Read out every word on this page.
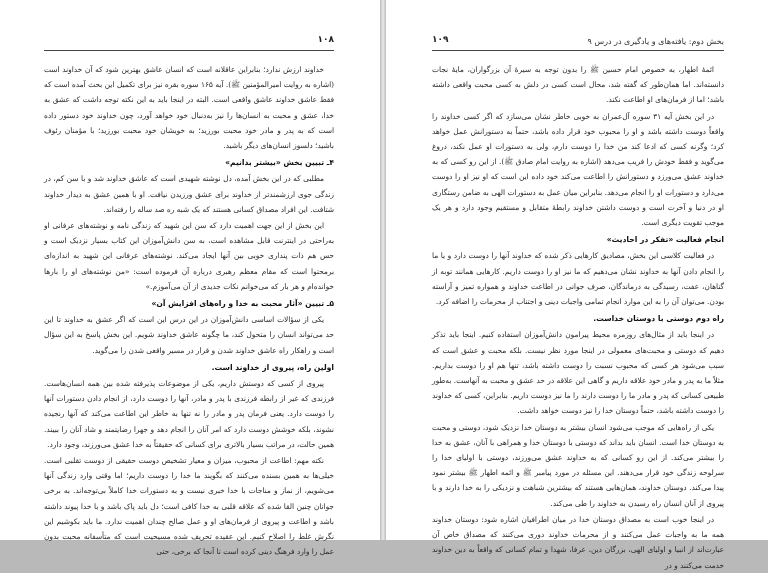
۱۰۸

خداوند ارزش ندارد؛ بنابراین عاقلانه است که انسان عاشق بهترین شود که آن خداوند است (اشاره به روایت امیرالمؤمنین ﷺ). آیه ۱۶۵ سوره بقره نیز برای تکمیل این بحث آمده است که فقط عاشق خداوند عاشق واقعی است. البته در اینجا باید به این نکته توجه داشت که عشق به خدا، عشق و محبت به انسان‌ها را نیز به‌دنبال خود خواهد آورد، چون خداوند خود دستور داده است که به پدر و مادر خود محبت بورزید؛ به خویشان خود محبت بورزید؛ با مؤمنان رئوف باشید؛ دلسوز انسان‌های دیگر باشید.

۴ـ تبیین بخش «بیشتر بدانیم»

مطلبی که در این بخش آمده، دل نوشته شهیدی است که عاشق خداوند شد و با سن کم، در زندگی جوی ارزشمندتر از خداوند برای عشق ورزیدن نیافت. او با همین عشق به دیدار خداوند شتافت. این افراد مصداق کسانی هستند که یک شبه ره صد ساله را رفته‌اند.

این بخش از این جهت اهمیت دارد که سن این شهید که زندگی نامه و نوشته‌های عرفانی او به‌راحتی در اینترنت قابل مشاهده است، به سن دانش‌آموزان این کتاب بسیار نزدیک است و حس هم ذات پنداری خوبی بین آنها ایجاد می‌کند. نوشته‌های عرفانی این شهید به اندازه‌ای برمحتوا است که مقام معظم رهبری درباره آن فرموده است: «من نوشته‌های او را بارها خوانده‌ام و هر بار که می‌خوانم نکات جدیدی از آن می‌آموزم.»

۵ـ تبیین «آثار محبت به خدا و راه‌های افزایش آن»

یکی از سؤالات اساسی دانش‌آموزان در این درس این است که اگر عشق به خداوند تا این حد می‌تواند انسان را متحول کند، ما چگونه عاشق خداوند شویم. این بخش پاسخ به این سؤال است و راهکار راه عاشق خداوند شدن و قرار در مسیر واقعی شدن را می‌گوید.

اولین راه، پیروی از خداوند است.

پیروی از کسی که دوستش داریم، یکی از موضوعات پذیرفته شده بین همه انسان‌هاست. فرزندی که غیر از رابطه فرزندی با پدر و مادر، آنها را دوست دارد، از انجام دادن دستورات آنها را دوست دارد. یعنی فرمان پدر و مادر را نه تنها به خاطر این اطاعت می‌کند که آنها رنجیده نشوند، بلکه خوشش دوست دارد که امر آنان را انجام دهد و جهرا رضایتمند و شاد آنان را ببیند. همین حالت، در مراتب بسیار بالاتری برای کسانی که حقیقتاً به خدا عشق می‌ورزند، وجود دارد.

نکته مهم: اطاعت از محبوب، میزان و معیار تشخیص دوست حقیقی از دوست تقلبی است. خیلی‌ها به همین بسنده می‌کنند که بگویند ما خدا را دوست داریم؛ اما وقتی وارد زندگی آنها می‌شویم، از نماز و مناجات با خدا خبری نیست و به دستورات خدا کاملاً بی‌توجه‌اند. به برخی جوانان چنین القا شده که علاقه قلبی به خدا کافی است؛ دل باید پاک باشد و با خدا پیوند داشته باشد و اطاعت و پیروی از فرمان‌های او و عمل صالح چندان اهمیت ندارد. ما باید بکوشیم این نگرش غلط را اصلاح کنیم. این عقیده تحریف شده مسیحیت است که متأسفانه محبت بدون عمل را وارد فرهنگ دینی کرده است تا آنجا که برخی، حتی

بخش دوم: یافته‌های و یادگیری در درس ۹
۱۰۹

ائمهٔ اطهار، به خصوص امام حسین ﷺ را بدون توجه به سیرهٔ آن بزرگواران، مایهٔ نجات دانسته‌اند. اما همان‌طور که گفته شد، محال است کسی در دلش به کسی محبت واقعی داشته باشد؛ اما از فرمان‌های او اطاعت نکند.

در این بخش آیه ۳۱ سوره آل‌عمران به خوبی خاطر نشان می‌سازد که اگر کسی خداوند را واقعاً دوست داشته باشد و او را محبوب خود قرار داده باشد، حتماً به دستورانش عمل خواهد کرد؛ وگرنه کسی که ادعا کند من خدا را دوست دارم، ولی به دستورات او عمل نکند، دروغ می‌گوید و فقط خودش را فریب می‌دهد (اشاره به روایت امام صادق ﷺ). از این رو کسی که به خداوند عشق می‌ورزد و دستورانش را اطاعت می‌کند خود داده این است که او نیز او را دوست می‌دارد و دستورات او را انجام می‌دهد. بنابراین میان عمل به دستورات الهی به ضامن رستگاری او در دنیا و آخرت است و دوست داشتن خداوند رابطهٔ متقابل و مستقیم وجود دارد و هر یک موجب تقویت دیگری است.

انجام فعالیت «تفکر در احادیث»

در فعالیت کلاسی این بخش، مصادیق کارهایی ذکر شده که خداوند آنها را دوست دارد و یا ما را انجام دادن آنها به خداوند نشان می‌دهیم که ما نیز او را دوست داریم. کارهایی همانند توبه از گناهان، عفت، رسیدگی به درماندگان، صرف جوانی در اطاعت خداوند و همواره تمیز و آراسته بودن. می‌توان آن را به این موارد انجام تمامی واجبات دینی و اجتناب از محرمات را اضافه کرد.

راه دوم دوستی با دوستان خداست.

در اینجا باید از مثال‌های روزمره محیط پیرامون دانش‌آموزان استفاده کنیم. اینجا باید تذکر دهیم که دوستی و محبت‌های معمولی در اینجا مورد نظر نیست. بلکه محبت و عشق است که سبب می‌شود هر کسی که محبوب نسبت را دوست داشته باشد، تنها هم او را دوست بداریم. مثلاً ما به پدر و مادر خود علاقه داریم و گاهی این علاقه در حد عشق و محبت به آنهاست. به‌طور طبیعی کسانی که پدر و مادر ما را دوست دارند را ما نیز دوست داریم. بنابراین، کسی که خداوند را دوست داشته باشد، حتماً دوستان خدا را نیز دوست خواهد داشت.

یکی از راه‌هایی که موجب می‌شود انسان بیشتر به دوستان خدا نزدیک شود، دوستی و محبت به دوستان خدا است. انسان باید بداند که دوستی با دوستان خدا و همراهی با آنان، عشق به خدا را بیشتر می‌کند. از این رو کسانی که به خداوند عشق می‌ورزند، دوستی با اولیای خدا را سرلوحه زندگی خود قرار می‌دهند. این مسئله در مورد پیامبر ﷺ و ائمه اطهار ﷺ بیشتر نمود پیدا می‌کند. دوستان خداوند، همان‌هایی هستند که بیشترین شباهت و نزدیکی را به خدا دارند و با پیروی از آنان انسان راه رسیدن به خداوند را طی می‌کند.

در اینجا خوب است به مصداق دوستان خدا در میان اطرافیان اشاره شود: دوستان خداوند همه ما به واجبات عمل می‌کنند و از محرمات خداوند دوری می‌کنند که مصداق خاص آن عبارت‌اند از انبیا و اولیای الهی، بزرگان دین، عرفا، شهدا و تمام کسانی که واقعاً به دین خداوند خدمت می‌کنند و در
